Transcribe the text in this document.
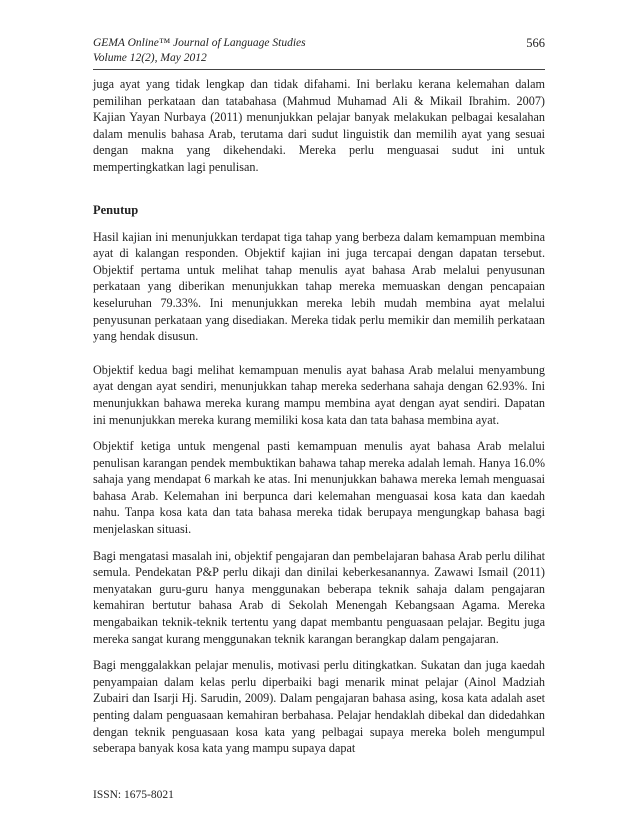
GEMA Online™ Journal of Language Studies
Volume 12(2), May 2012
566

juga ayat yang tidak lengkap dan tidak difahami. Ini berlaku kerana kelemahan dalam pemilihan perkataan dan tatabahasa (Mahmud Muhamad Ali & Mikail Ibrahim. 2007) Kajian Yayan Nurbaya (2011) menunjukkan pelajar banyak melakukan pelbagai kesalahan dalam menulis bahasa Arab, terutama dari sudut linguistik dan memilih ayat yang sesuai dengan makna yang dikehendaki. Mereka perlu menguasai sudut ini untuk mempertingkatkan lagi penulisan.

Penutup

Hasil kajian ini menunjukkan terdapat tiga tahap yang berbeza dalam kemampuan membina ayat di kalangan responden. Objektif kajian ini juga tercapai dengan dapatan tersebut. Objektif pertama untuk melihat tahap menulis ayat bahasa Arab melalui penyusunan perkataan yang diberikan menunjukkan tahap mereka memuaskan dengan pencapaian keseluruhan 79.33%. Ini menunjukkan mereka lebih mudah membina ayat melalui penyusunan perkataan yang disediakan. Mereka tidak perlu memikir dan memilih perkataan yang hendak disusun.

Objektif kedua bagi melihat kemampuan menulis ayat bahasa Arab melalui menyambung ayat dengan ayat sendiri, menunjukkan tahap mereka sederhana sahaja dengan 62.93%. Ini menunjukkan bahawa mereka kurang mampu membina ayat dengan ayat sendiri. Dapatan ini menunjukkan mereka kurang memiliki kosa kata dan tata bahasa membina ayat.

Objektif ketiga untuk mengenal pasti kemampuan menulis ayat bahasa Arab melalui penulisan karangan pendek membuktikan bahawa tahap mereka adalah lemah. Hanya 16.0% sahaja yang mendapat 6 markah ke atas. Ini menunjukkan bahawa mereka lemah menguasai bahasa Arab. Kelemahan ini berpunca dari kelemahan menguasai kosa kata dan kaedah nahu. Tanpa kosa kata dan tata bahasa mereka tidak berupaya mengungkap bahasa bagi menjelaskan situasi.

Bagi mengatasi masalah ini, objektif pengajaran dan pembelajaran bahasa Arab perlu dilihat semula. Pendekatan P&P perlu dikaji dan dinilai keberkesanannya. Zawawi Ismail (2011) menyatakan guru-guru hanya menggunakan beberapa teknik sahaja dalam pengajaran kemahiran bertutur bahasa Arab di Sekolah Menengah Kebangsaan Agama. Mereka mengabaikan teknik-teknik tertentu yang dapat membantu penguasaan pelajar. Begitu juga mereka sangat kurang menggunakan teknik karangan berangkap dalam pengajaran.

Bagi menggalakkan pelajar menulis, motivasi perlu ditingkatkan. Sukatan dan juga kaedah penyampaian dalam kelas perlu diperbaiki bagi menarik minat pelajar (Ainol Madziah Zubairi dan Isarji Hj. Sarudin, 2009). Dalam pengajaran bahasa asing, kosa kata adalah aset penting dalam penguasaan kemahiran berbahasa. Pelajar hendaklah dibekal dan didedahkan dengan teknik penguasaan kosa kata yang pelbagai supaya mereka boleh mengumpul seberapa banyak kosa kata yang mampu supaya dapat

ISSN: 1675-8021
